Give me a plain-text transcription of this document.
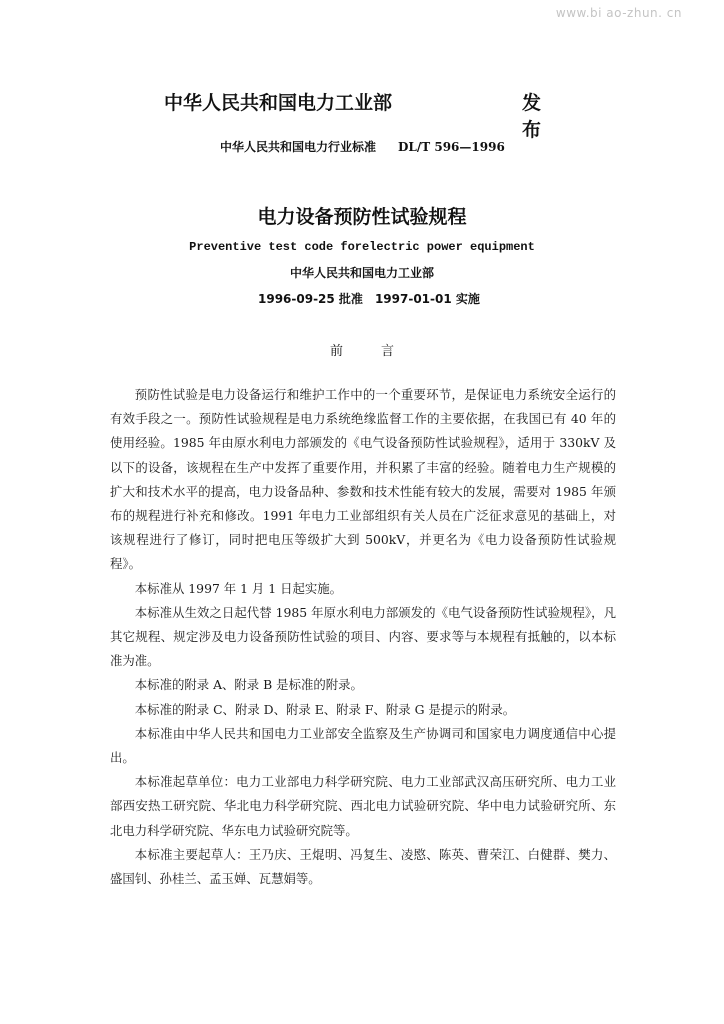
www.bi ao-zhun. cn
中华人民共和国电力工业部	发布
中华人民共和国电力行业标准 DL/T 596—1996
电力设备预防性试验规程
Preventive test code forelectric power equipment
中华人民共和国电力工业部
1996-09-25 批准 1997-01-01 实施
前言

预防性试验是电力设备运行和维护工作中的一个重要环节，是保证电力系统安全运行的有效手段之一。预防性试验规程是电力系统绝缘监督工作的主要依据，在我国已有 40 年的使用经验。1985 年由原水利电力部颁发的《电气设备预防性试验规程》，适用于 330kV 及以下的设备，该规程在生产中发挥了重要作用，并积累了丰富的经验。随着电力生产规模的扩大和技术水平的提高，电力设备品种、参数和技术性能有较大的发展，需要对 1985 年颁布的规程进行补充和修改。1991 年电力工业部组织有关人员在广泛征求意见的基础上，对该规程进行了修订，同时把电压等级扩大到 500kV，并更名为《电力设备预防性试验规程》。

本标准从 1997 年 1 月 1 日起实施。

本标准从生效之日起代替 1985 年原水利电力部颁发的《电气设备预防性试验规程》，凡其它规程、规定涉及电力设备预防性试验的项目、内容、要求等与本规程有抵触的，以本标准为准。

本标准的附录 A、附录 B 是标准的附录。

本标准的附录 C、附录 D、附录 E、附录 F、附录 G 是提示的附录。

本标准由中华人民共和国电力工业部安全监察及生产协调司和国家电力调度通信中心提出。

本标准起草单位：电力工业部电力科学研究院、电力工业部武汉高压研究所、电力工业部西安热工研究院、华北电力科学研究院、西北电力试验研究院、华中电力试验研究所、东北电力科学研究院、华东电力试验研究院等。

本标准主要起草人：王乃庆、王焜明、冯复生、凌愍、陈英、曹荣江、白健群、樊力、盛国钊、孙桂兰、孟玉婵、瓦慧娟等。
